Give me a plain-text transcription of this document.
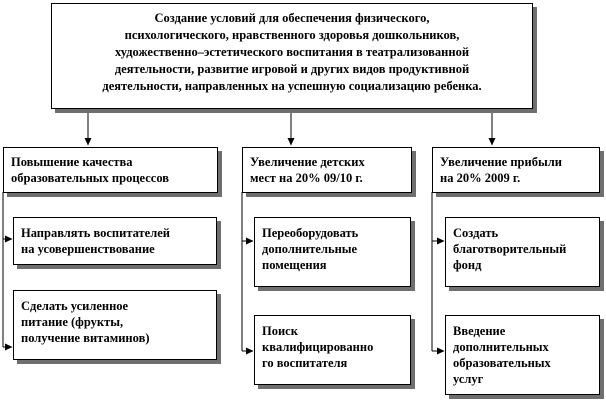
Создание условий для обеспечения физического,
психологического, нравственного здоровья дошкольников,
художественно–эстетического воспитания в театрализованной
деятельности, развитие игровой и других видов продуктивной
деятельности, направленных на успешную социализацию ребенка.
Повышение качества
образовательных процессов
Увеличение детских
мест на 20% 09/10 г.
Увеличение прибыли
на 20% 2009 г.
Направлять воспитателей
на усовершенствование
Сделать усиленное
питание (фрукты,
получение витаминов)
Переоборудовать
дополнительные
помещения
Поиск
квалифицированно
го воспитателя
Создать
благотворительный
фонд
Введение
дополнительных
образовательных
услуг
